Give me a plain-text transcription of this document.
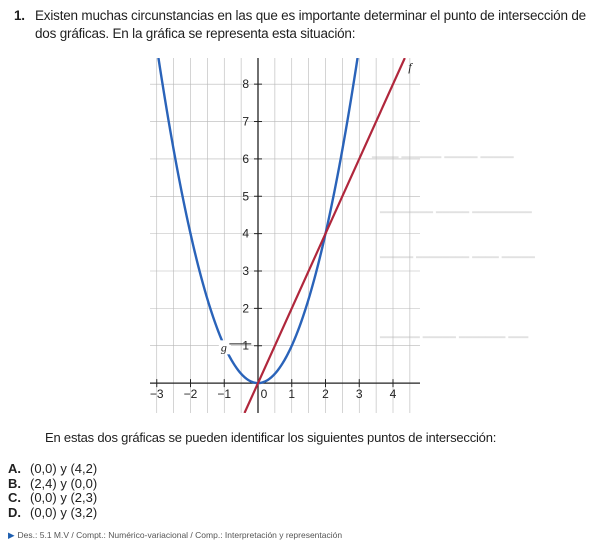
1. Existen muchas circunstancias en las que es importante determinar el punto de intersección de dos gráficas. En la gráfica se representa esta situación:
━━━━ ━━━━━━ ━━━━━ ━━━━━
━━━━━━━━ ━━━━━ ━━━━━━━━━
━━━━━ ━━━━━━━━ ━━━━ ━━━━━
━━━━━━ ━━━━━ ━━━━━━━ ━━━
−3 −2 −1 0 1 2 3 4
1
2
3
4
5
6
7
8
f
g
En estas dos gráficas se pueden identificar los siguientes puntos de intersección:
A. (0,0) y (4,2)
B. (2,4) y (0,0)
C. (0,0) y (2,3)
D. (0,0) y (3,2)
▶ Des.: 5.1 M.V / Compt.: Numérico-variacional / Comp.: Interpretación y representación
